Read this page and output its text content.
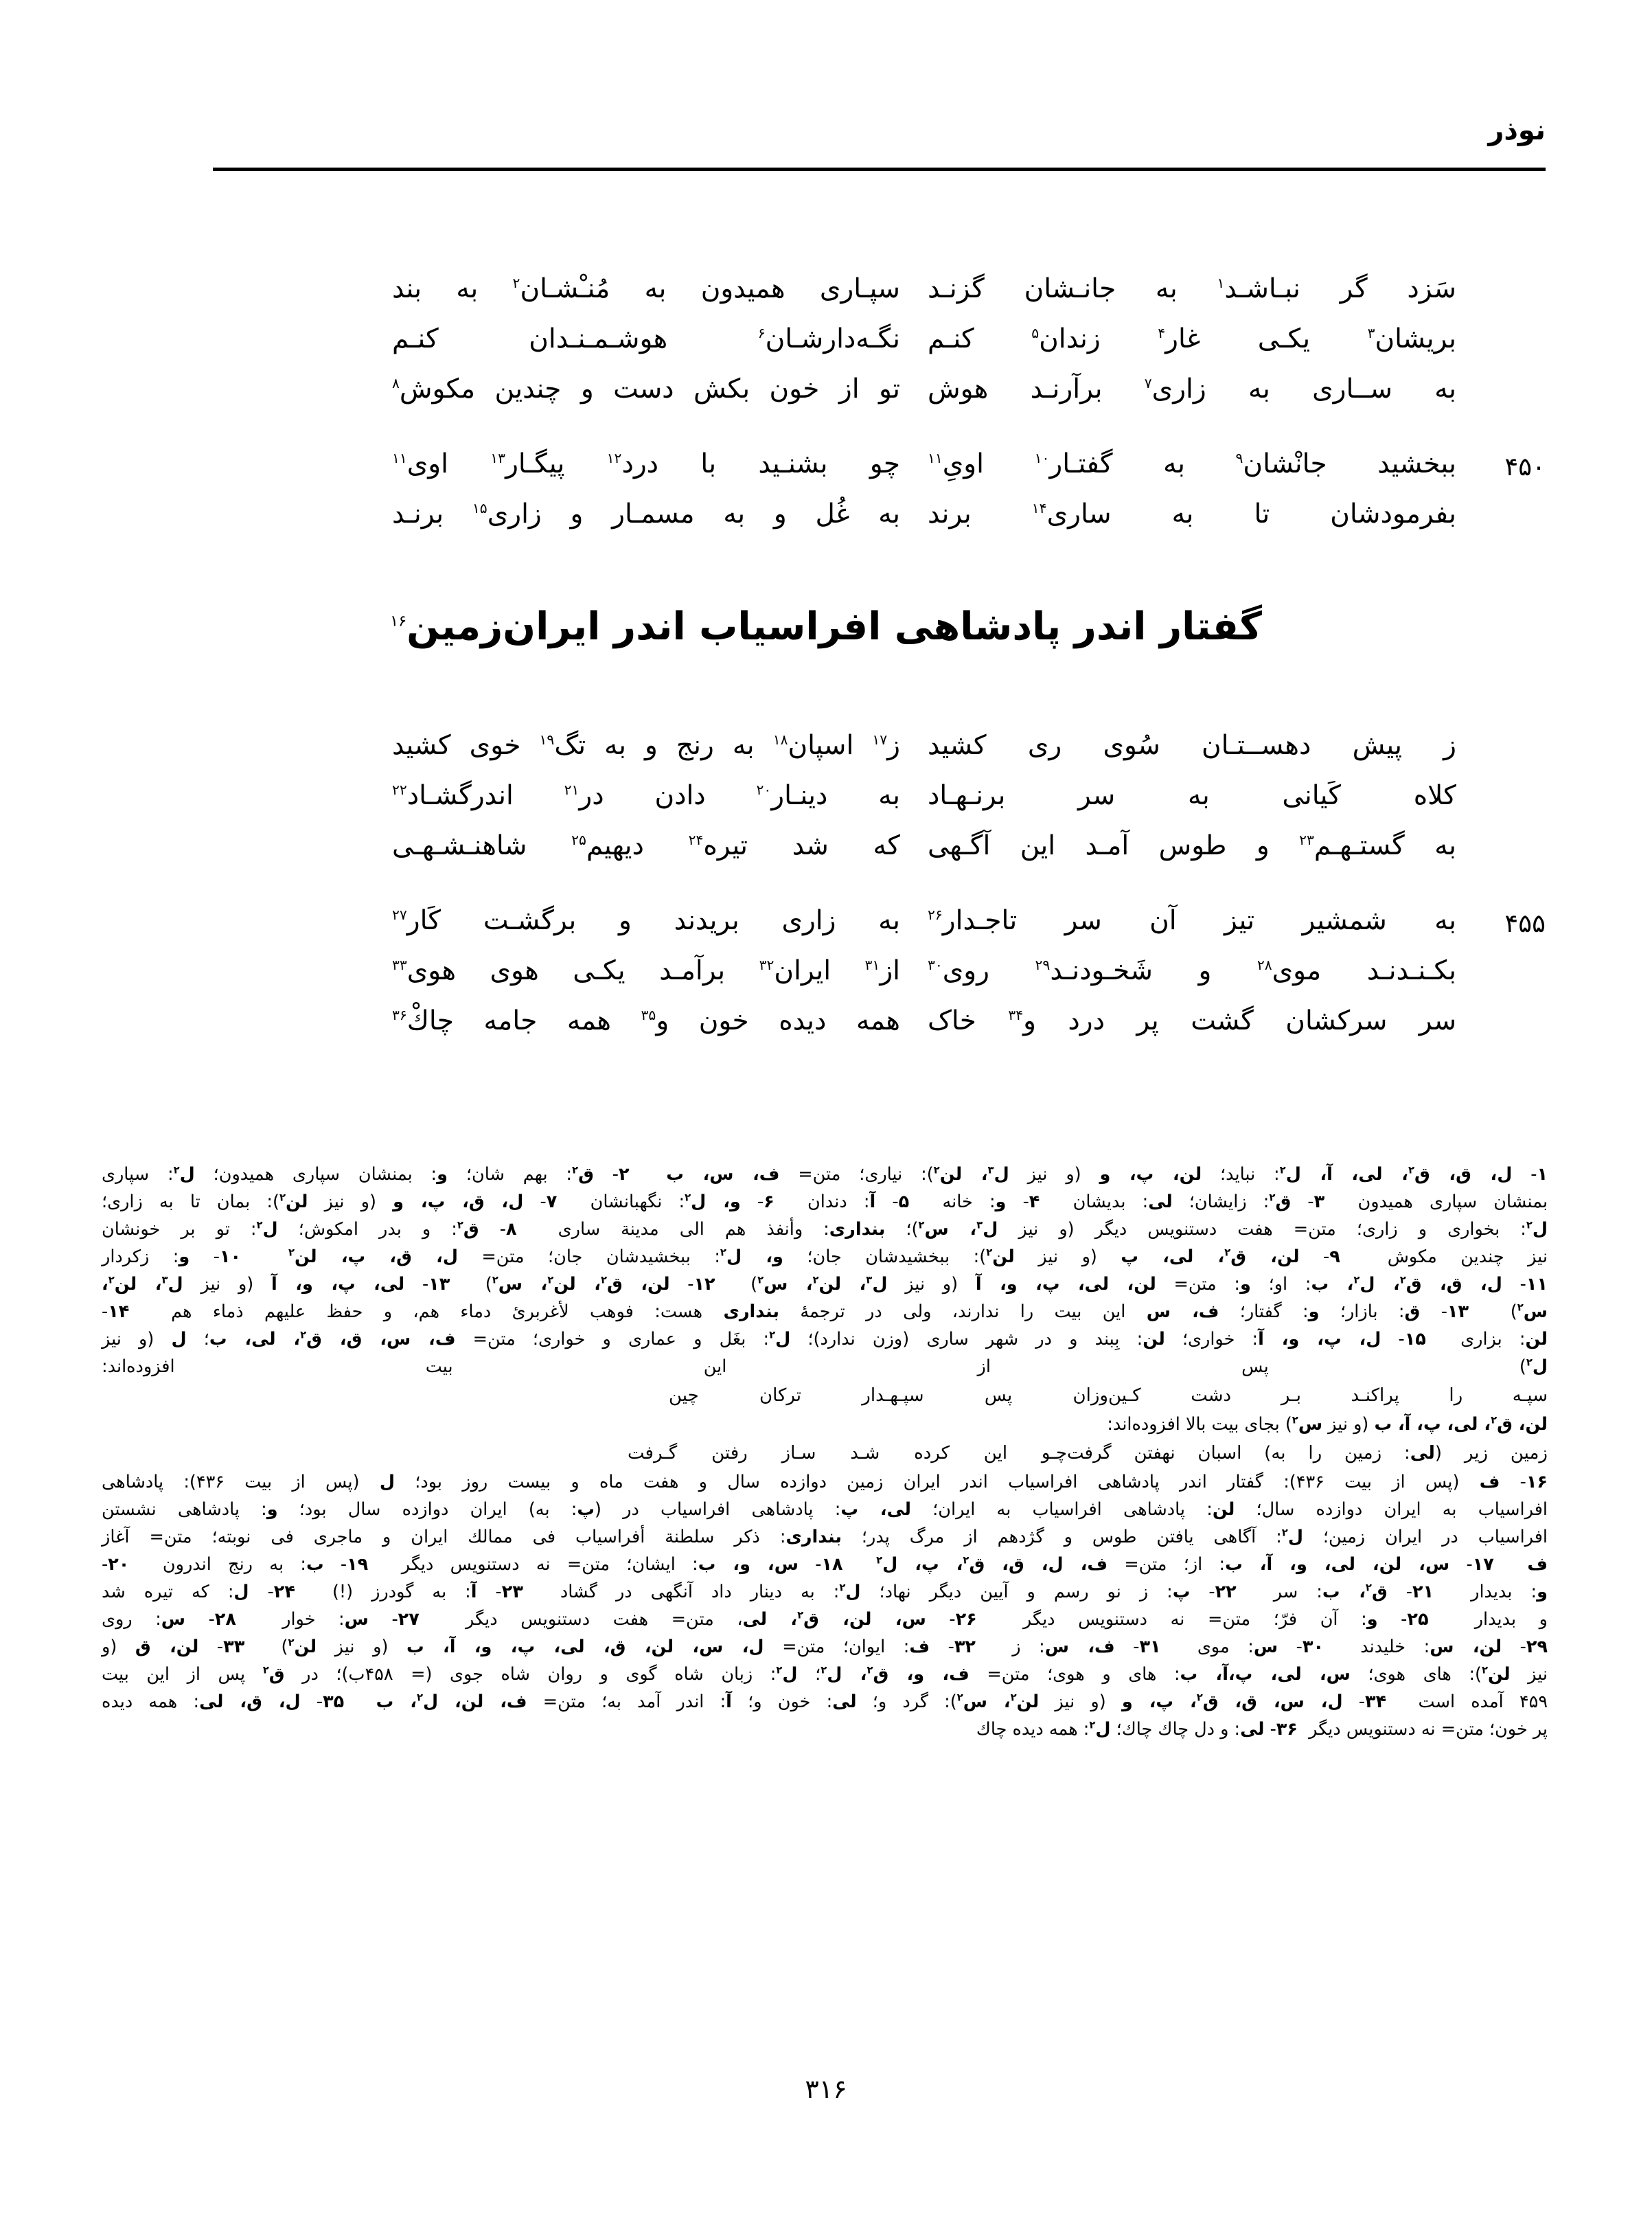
نوذر
سَزد گر نبـاشـد$^۱$ به جانـشان گزنـد
سپـاری همیدون به مُنـْشـان$^۲$ به بند
بریشان$^۳$ یکـی غار$^۴$ زندان$^۵$ کنـم
نگـه‌دارشـان$^۶$ هوشـمـنـدان کنـم
به ســاری به زاری$^۷$ برآرنـد هوش
تو از خون بکش دست و چندین مکوش$^۸$
۴۵۰
ببخشید جانْشان$^۹$ به گفتـار$^{۱۰}$ اوىِ$^{۱۱}$
چو بشنـید با درد$^{۱۲}$ پیگـار$^{۱۳}$ اوی$^{۱۱}$
بفرمودشان تا به ساری$^{۱۴}$ برند
به غُل و به مسمـار و زاری$^{۱۵}$ برنـد
گفتار اندر پادشاهی افراسیاب اندر ایران‌زمین$^{۱۶}$
ز پیش دهســتـان سُوی ری کشید
ز$^{۱۷}$ اسپان$^{۱۸}$ به رنج و به تگ$^{۱۹}$ خوی کشید
کلاه کَیانی به سر برنـهـاد
به دینـار$^{۲۰}$ دادن در$^{۲۱}$ اندرگشـاد$^{۲۲}$
به گستـهـم$^{۲۳}$ و طوس آمـد این آگـهی
که شد تیره$^{۲۴}$ دیهیم$^{۲۵}$ شاهنـشـهـی
۴۵۵
به شمشیر تیز آن سر تاجـدار$^{۲۶}$
به زاری بریدند و برگشـت کَار$^{۲۷}$
بکـنـدنـد موی$^{۲۸}$ و شَخـودنـد$^{۲۹}$ روی$^{۳۰}$
از$^{۳۱}$ ایران$^{۳۲}$ برآمـد یکـی هوی هوی$^{۳۳}$
سر سرکشان گشت پر درد و$^{۳۴}$ خاک
همه دیده خون و$^{۳۵}$ همه جامه چاكْ$^{۳۶}$

۱- ل، ق، ق$^۲$، لی، آ، ل$^۲$: نباید؛ لن، پ، و (و نیز ل$^۳$، لن$^۲$): نیاری؛ متن= ف، س، ب  ۲- ق$^۲$: بهم شان؛ و: بمنشان سپاری همیدون؛ ل$^۲$: سپاری

بمنشان سپاری همیدون  ۳- ق$^۲$: زایشان؛ لی: بدیشان  ۴- و: خانه  ۵- آ: دندان  ۶- و، ل$^۲$: نگهبانشان  ۷- ل، ق، پ، و (و نیز لن$^۲$): بمان تا به زاری؛

ل$^۲$: بخواری و زاری؛ متن= هفت دستنویس دیگر (و نیز ل$^۳$، س$^۲$)؛ بنداری: وأنفذ هم الی مدینة ساری  ۸- ق$^۲$: و بدر امكوش؛ ل$^۲$: تو بر خونشان

نیز چندین مکوش  ۹- لن، ق$^۲$، لی، پ (و نیز لن$^۲$): ببخشیدشان جان؛ و، ل$^۲$: ببخشیدشان جان؛ متن= ل، ق، پ، لن$^۲$  ۱۰- و: زکردار

۱۱- ل، ق، ق$^۲$، ل$^۲$، ب: او؛ و: متن= لن، لی، پ، و، آ (و نیز ل$^۳$، لن$^۲$، س$^۲$)  ۱۲- لن، ق$^۲$، لن$^۲$، س$^۲$)  ۱۳- لی، پ، و، آ (و نیز ل$^۳$، لن$^۲$،

س$^۲$)  ۱۳- ق: بازار؛ و: گفتار؛ ف، س این بیت را ندارند، ولی در ترجمهٔ بنداری هست: فوهب لأغربرئ دماء هم، و حفظ علیهم ذماء هم  ۱۴-

لن: بزاری  ۱۵- ل، پ، و، آ: خواری؛ لن: بِبند و در شهر ساری (وزن ندارد)؛ ل$^۲$: بغَل و عماری و خواری؛ متن= ف، س، ق، ق$^۲$، لی، ب؛ ل (و نیز

ل$^۲$) پس از این بیت افزوده‌اند:

سپـه را پراکنـد بـر دشت کـینوزان پس سپـهـدار ترکان چین

لن، ق$^۲$، لی، پ، آ، ب (و نیز س$^۲$) بجای بیت بالا افزوده‌اند:

زمین زیر (لی: زمین را به) اسبان نهفتن گرفتچـو این کرده شـد سـاز رفتن گـرفت

۱۶- ف (پس از بیت ۴۳۶): گفتار اندر پادشاهی افراسیاب اندر ایران زمین دوازده سال و هفت ماه و بیست روز بود؛ ل (پس از بیت ۴۳۶): پادشاهی

افراسیاب به ایران دوازده سال؛ لن: پادشاهی افراسیاب به ایران؛ لی، پ: پادشاهی افراسیاب در (پ: به) ایران دوازده سال بود؛ و: پادشاهی نشستن

افراسیاب در ایران زمین؛ ل$^۲$: آگاهی یافتن طوس و گژدهم از مرگ پدر؛ بنداری: ذکر سلطنة أفراسیاب فی ممالك ایران و ماجری فی نوبته؛ متن= آغاز

ف  ۱۷- س، لن، لی، و، آ، ب: از؛ متن= ف، ل، ق، ق$^۲$، پ، ل$^۲$  ۱۸- س، و، ب: ایشان؛ متن= نه دستنویس دیگر  ۱۹- ب: به رنج اندرون  ۲۰-

و: بدیدار  ۲۱- ق$^۲$، ب: سر  ۲۲- پ: ز نو رسم و آیین دیگر نهاد؛ ل$^۲$: به دینار داد آنگهی در گشاد  ۲۳- آ: به گودرز (!)  ۲۴- ل: که تیره شد

و بدیدار  ۲۵- و: آن فرّ؛ متن= نه دستنویس دیگر  ۲۶- س، لن، ق$^۲$، لی، متن= هفت دستنویس دیگر  ۲۷- س: خوار  ۲۸- س: روی

۲۹- لن، س: خلیدند  ۳۰- س: موی  ۳۱- ف، س: ز  ۳۲- ف: ایوان؛ متن= ل، س، لن، ق، لی، پ، و، آ، ب (و نیز لن$^۲$)  ۳۳- لن، ق (و

نیز لن$^۲$): های هوی؛ س، لی، پ،آ، ب: های و هوی؛ متن= ف، و، ق$^۲$، ل$^۲$؛ ل$^۲$: زبان شاه گوی و روان شاه جوی (= ۴۵۸ب)؛ در ق$^۲$ پس از این بیت

۴۵۹ آمده است  ۳۴- ل، س، ق، ق$^۲$، پ، و (و نیز لن$^۲$، س$^۲$): گرد و؛ لی: خون و؛ آ: اندر آمد به؛ متن= ف، لن، ل$^۲$، ب  ۳۵- ل، ق، لی: همه دیده

پر خون؛ متن= نه دستنویس دیگر  ۳۶- لی: و دل چاك چاك؛ ل$^۲$: همه دیده چاك

۳۱۶
